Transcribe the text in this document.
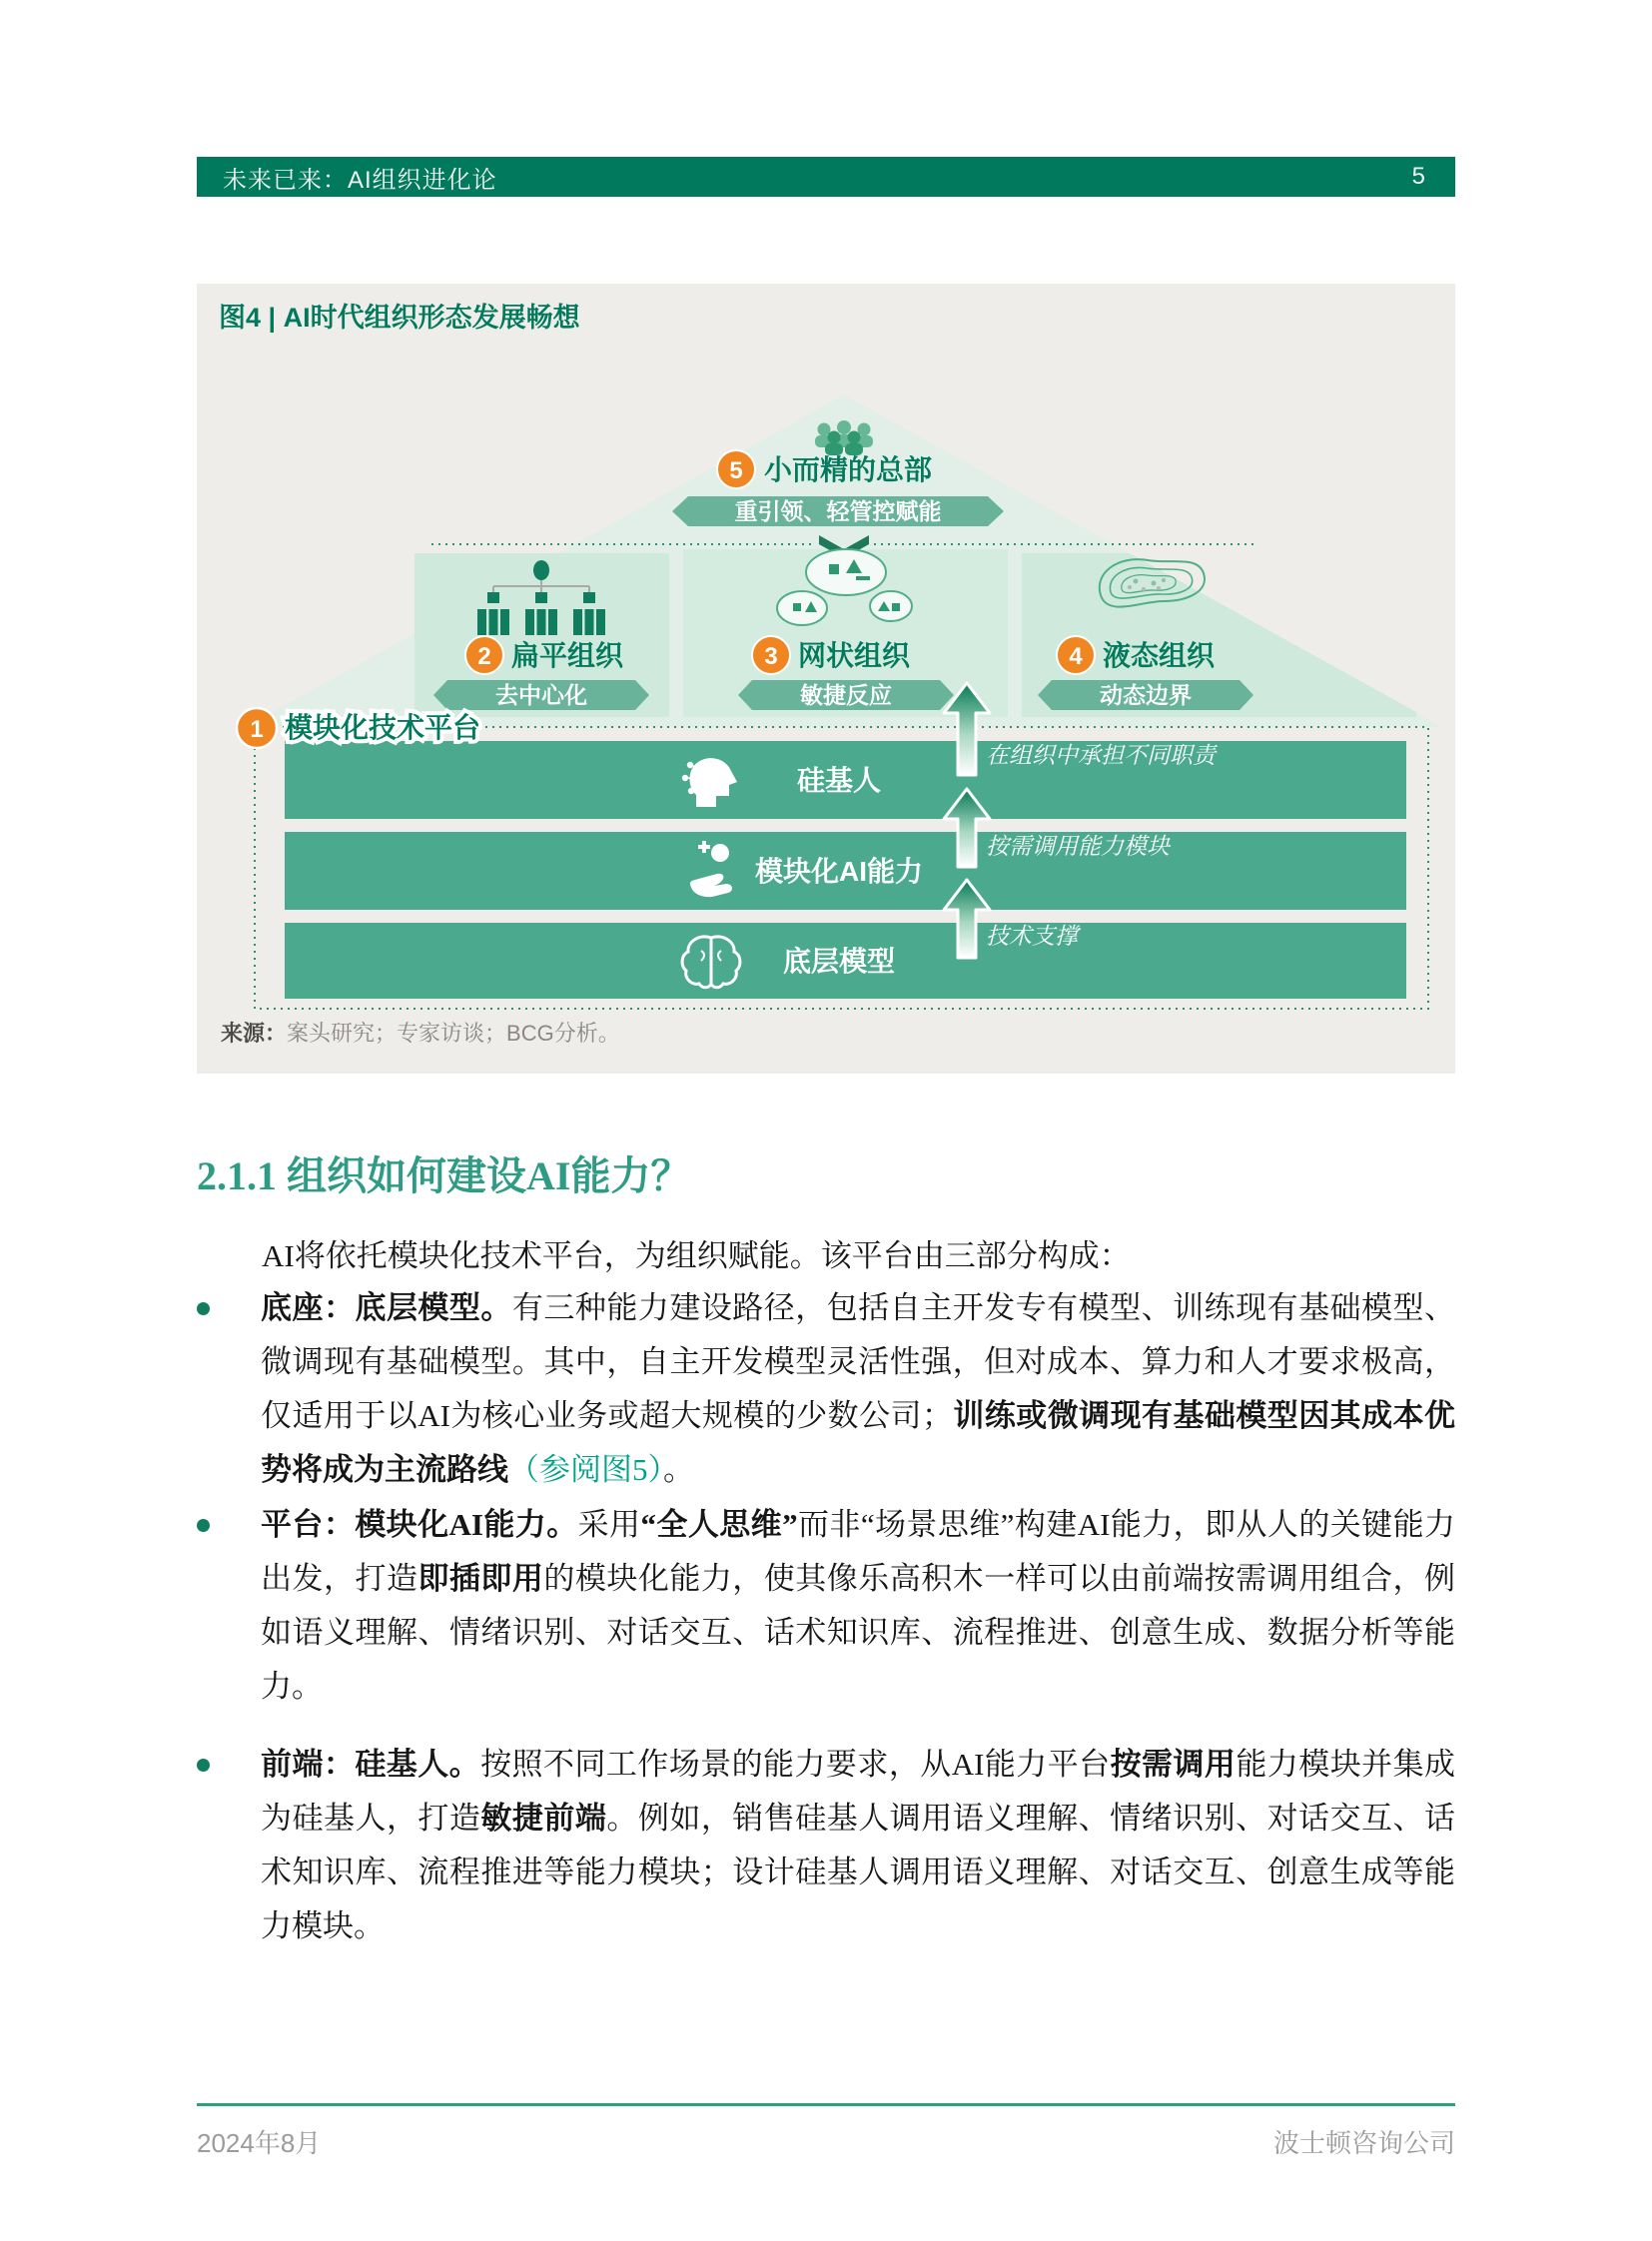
未来已来：AI组织进化论	5
5 小而精的总部
重引领、轻管控赋能
2 扁平组织
去中心化
3 网状组织
敏捷反应
4 液态组织
动态边界
硅基人
模块化AI能力
底层模型
在组织中承担不同职责
按需调用能力模块
技术支撑
1 模块化技术平台
图4 | AI时代组织形态发展畅想
来源：案头研究；专家访谈；BCG分析。
2.1.1 组织如何建设AI能力？
AI将依托模块化技术平台，为组织赋能。该平台由三部分构成：
底座：底层模型。有三种能力建设路径，包括自主开发专有模型、训练现有基础模型、微调现有基础模型。其中，自主开发模型灵活性强，但对成本、算力和人才要求极高，仅适用于以AI为核心业务或超大规模的少数公司；训练或微调现有基础模型因其成本优势将成为主流路线（参阅图5）。
平台：模块化AI能力。采用“全人思维”而非“场景思维”构建AI能力，即从人的关键能力出发，打造即插即用的模块化能力，使其像乐高积木一样可以由前端按需调用组合，例如语义理解、情绪识别、对话交互、话术知识库、流程推进、创意生成、数据分析等能力。
前端：硅基人。按照不同工作场景的能力要求，从AI能力平台按需调用能力模块并集成为硅基人，打造敏捷前端。例如，销售硅基人调用语义理解、情绪识别、对话交互、话术知识库、流程推进等能力模块；设计硅基人调用语义理解、对话交互、创意生成等能力模块。
2024年8月	波士顿咨询公司
